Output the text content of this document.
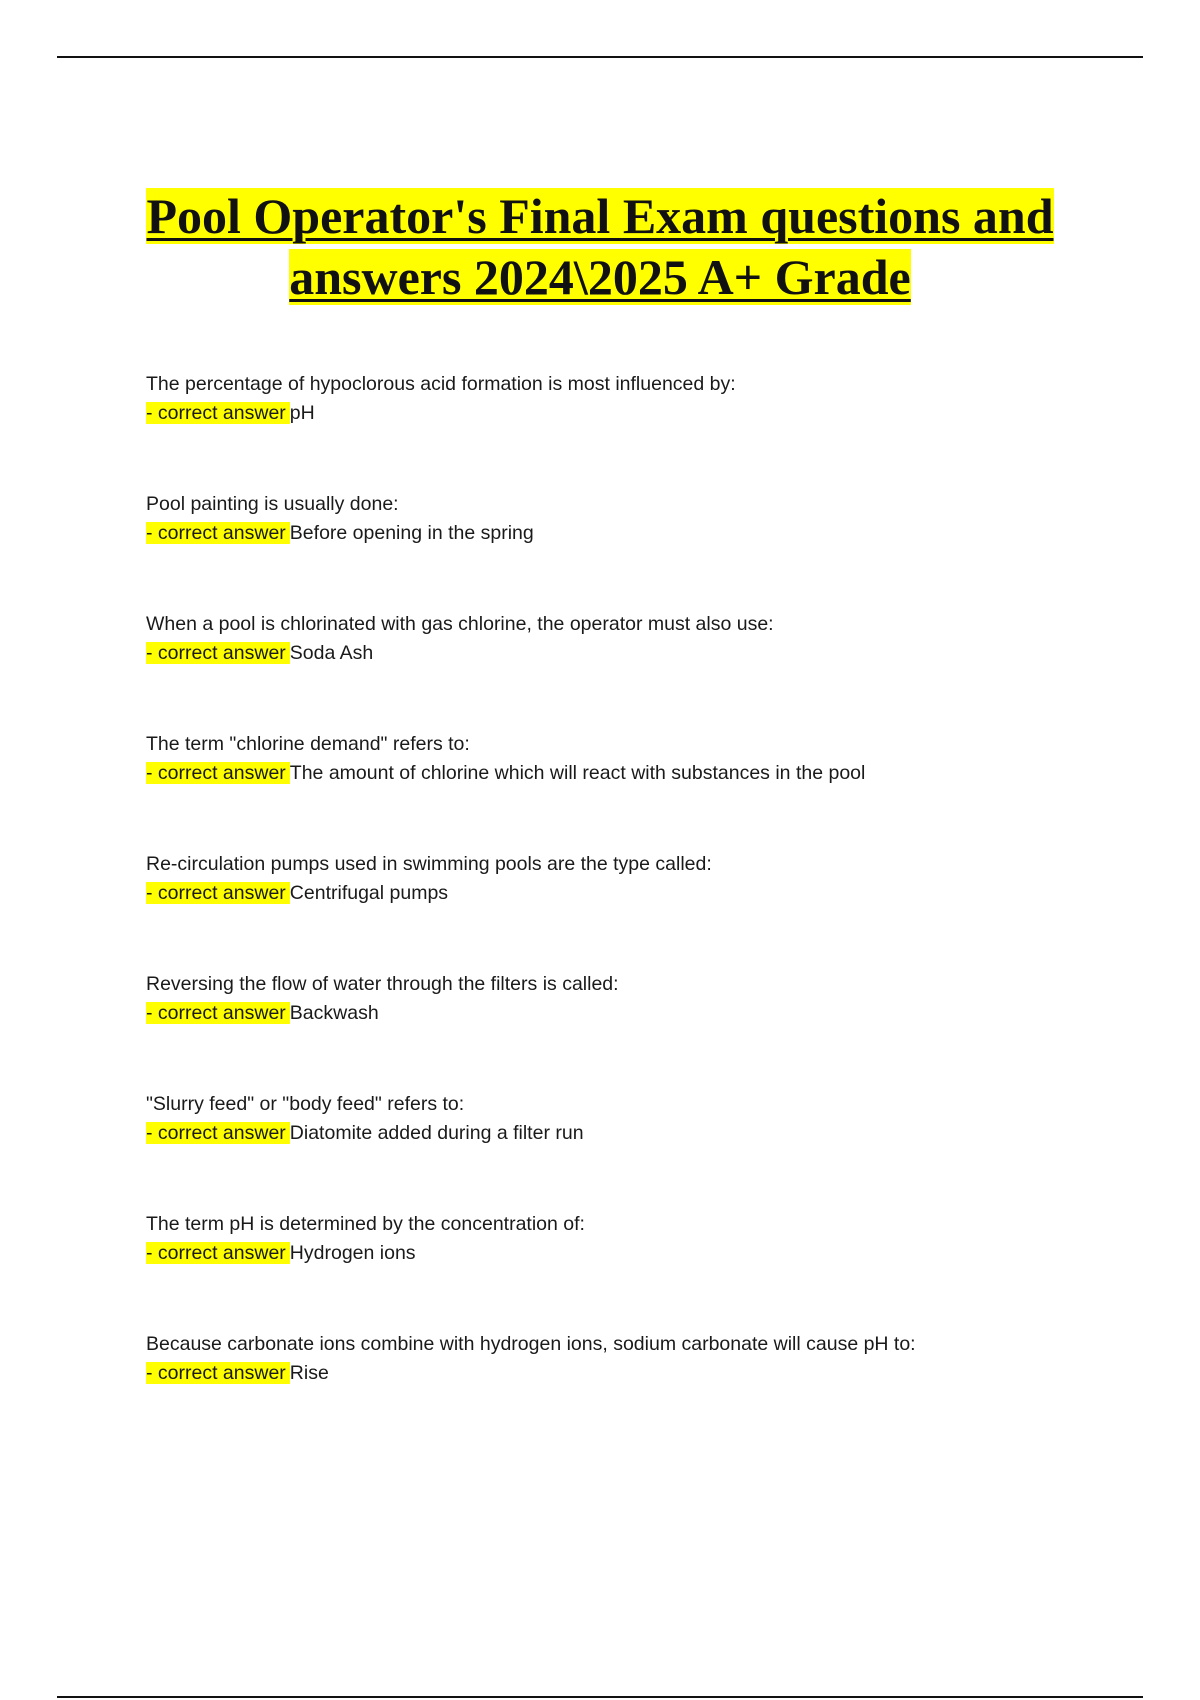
Pool Operator's Final Exam questions and
answers 2024\2025 A+ Grade
The percentage of hypoclorous acid formation is most influenced by:
- correct answer pH
Pool painting is usually done:
- correct answer Before opening in the spring
When a pool is chlorinated with gas chlorine, the operator must also use:
- correct answer Soda Ash
The term "chlorine demand" refers to:
- correct answer The amount of chlorine which will react with substances in the pool
Re-circulation pumps used in swimming pools are the type called:
- correct answer Centrifugal pumps
Reversing the flow of water through the filters is called:
- correct answer Backwash
"Slurry feed" or "body feed" refers to:
- correct answer Diatomite added during a filter run
The term pH is determined by the concentration of:
- correct answer Hydrogen ions
Because carbonate ions combine with hydrogen ions, sodium carbonate will cause pH to:
- correct answer Rise
